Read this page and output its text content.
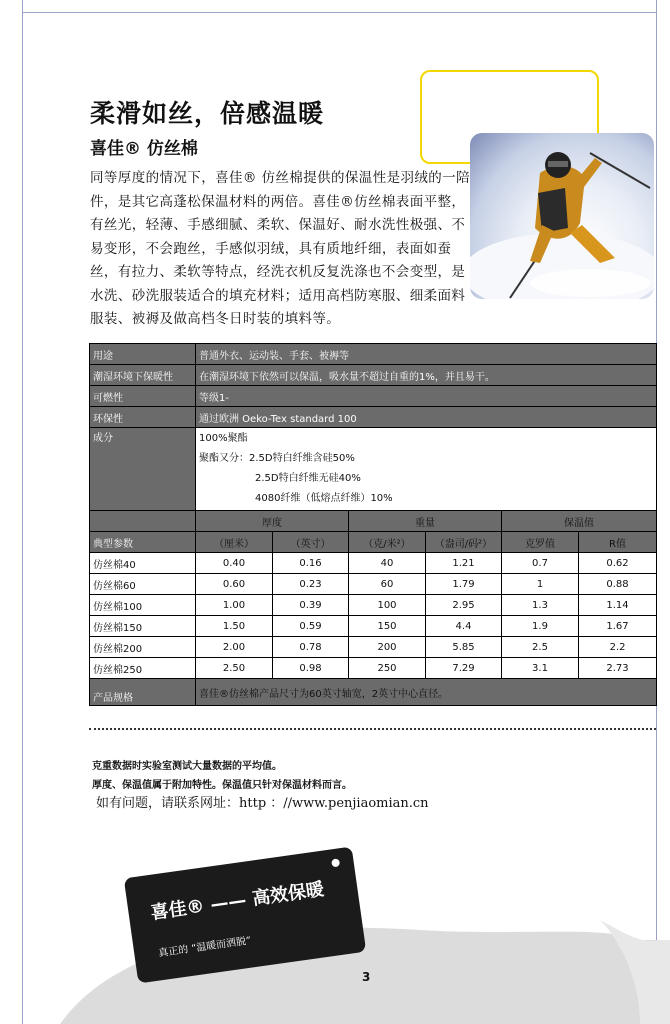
柔滑如丝，倍感温暖
喜佳® 仿丝棉
同等厚度的情况下，喜佳® 仿丝棉提供的保温性是羽绒的一陪件，是其它高蓬松保温材料的两倍。喜佳®仿丝棉表面平整，有丝光，轻薄、手感细腻、柔软、保温好、耐水洗性极强、不易变形，不会跑丝，手感似羽绒，具有质地纤细，表面如蚕丝，有拉力、柔软等特点，经洗衣机反复洗涤也不会变型，是水洗、砂洗服装适合的填充材料；适用高档防寒服、细柔面料服装、被褥及做高档冬日时装的填料等。
用途	普通外衣、运动装、手套、被褥等					
潮湿环境下保暖性	在潮湿环境下依然可以保温，吸水量不超过自重的1%，并且易干。					
可燃性	等级1-					
环保性	通过欧洲 Oeko-Tex standard 100					
成分	100%聚酯
聚酯又分：2.5D特白纤维含硅50%
2.5D特白纤维无硅40%
4080纤维（低熔点纤维）10%					

	厚度		重量		保温值	
典型参数	（厘米）	（英寸）	（克/米²）	（盎司/码²）	克罗值	R值
仿丝棉40	0.40	0.16	40	1.21	0.7	0.62
仿丝棉60	0.60	0.23	60	1.79	1	0.88
仿丝棉100	1.00	0.39	100	2.95	1.3	1.14
仿丝棉150	1.50	0.59	150	4.4	1.9	1.67
仿丝棉200	2.00	0.78	200	5.85	2.5	2.2
仿丝棉250	2.50	0.98	250	7.29	3.1	2.73
产品规格	喜佳®仿丝棉产品尺寸为60英寸轴宽，2英寸中心直径。					
克重数据时实验室测试大量数据的平均值。
厚度、保温值属于附加特性。保温值只针对保温材料而言。
如有问题，请联系网址：http ：//www.penjiaomian.cn
喜佳® —— 高效保暖
真正的 “温暖而洒脱”
3
